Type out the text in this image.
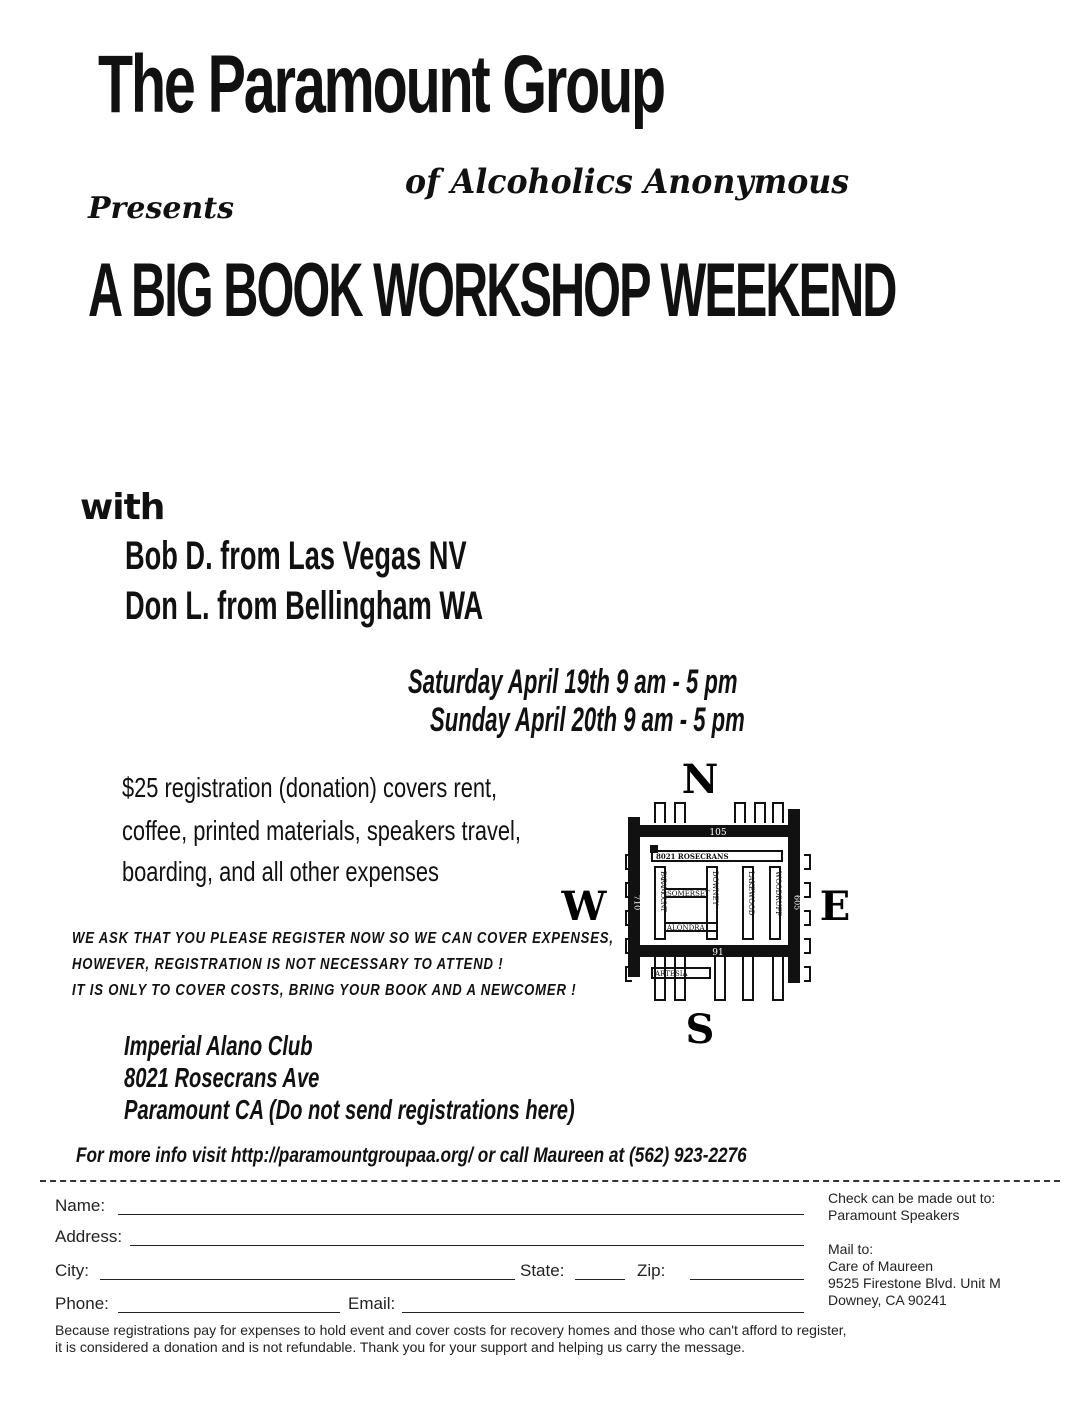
The Paramount Group
of Alcoholics Anonymous
Presents
A BIG BOOK WORKSHOP WEEKEND
with
Bob D. from Las Vegas NV
Don L. from Bellingham WA
Saturday April 19th 9 am - 5 pm
Sunday April 20th 9 am - 5 pm
$25 registration (donation) covers rent,
coffee, printed materials, speakers travel,
boarding, and all other expenses
WE ASK THAT YOU PLEASE REGISTER NOW SO WE CAN COVER EXPENSES,
HOWEVER, REGISTRATION IS NOT NECESSARY TO ATTEND !
IT IS ONLY TO COVER COSTS, BRING YOUR BOOK AND A NEWCOMER !
Imperial Alano Club
8021 Rosecrans Ave
Paramount CA (Do not send registrations here)
N
S
W	E
105
91
8021 ROSECRANS
SOMERSET
ALONDRA
ARTESIA
PARAMOUNT	DOWNEY	LAKEWOOD	WOODRUFF
710	605
For more info visit http://paramountgroupaa.org/ or call Maureen at (562) 923-2276
Name:
Address:
City:	State:	Zip:
Phone:	Email:
Check can be made out to:
Paramount Speakers
Mail to:
Care of Maureen
9525 Firestone Blvd. Unit M
Downey, CA 90241
Because registrations pay for expenses to hold event and cover costs for recovery homes and those who can't afford to register,
it is considered a donation and is not refundable. Thank you for your support and helping us carry the message.
